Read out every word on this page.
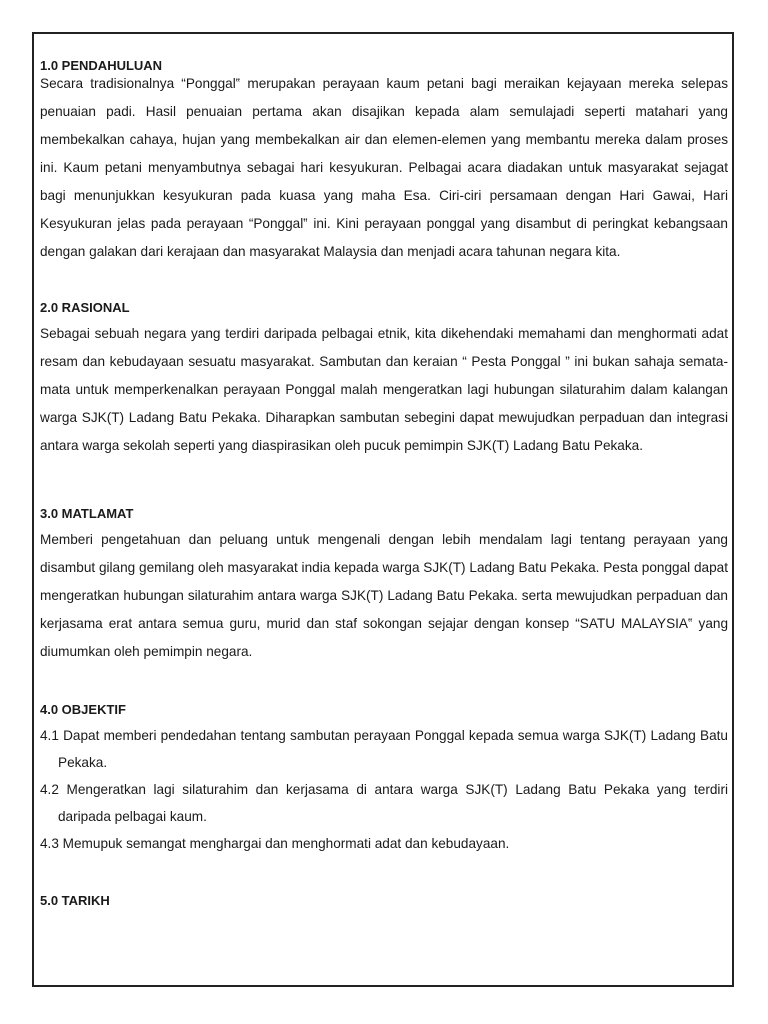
1.0 PENDAHULUAN

Secara tradisionalnya “Ponggal‟ merupakan perayaan kaum petani bagi meraikan kejayaan mereka selepas penuaian padi. Hasil penuaian pertama akan disajikan kepada alam semulajadi seperti matahari yang membekalkan cahaya, hujan yang membekalkan air dan elemen-elemen yang membantu mereka dalam proses ini. Kaum petani menyambutnya sebagai hari kesyukuran. Pelbagai acara diadakan untuk masyarakat sejagat bagi menunjukkan kesyukuran pada kuasa yang maha Esa. Ciri-ciri persamaan dengan Hari Gawai, Hari Kesyukuran jelas pada perayaan “Ponggal‟ ini. Kini perayaan ponggal yang disambut di peringkat kebangsaan dengan galakan dari kerajaan dan masyarakat Malaysia dan menjadi acara tahunan negara kita.

2.0 RASIONAL

Sebagai sebuah negara yang terdiri daripada pelbagai etnik, kita dikehendaki memahami dan menghormati adat resam dan kebudayaan sesuatu masyarakat. Sambutan dan keraian “ Pesta Ponggal ” ini bukan sahaja semata-mata untuk memperkenalkan perayaan Ponggal malah mengeratkan lagi hubungan silaturahim dalam kalangan warga SJK(T) Ladang Batu Pekaka. Diharapkan sambutan sebegini dapat mewujudkan perpaduan dan integrasi antara warga sekolah seperti yang diaspirasikan oleh pucuk pemimpin SJK(T) Ladang Batu Pekaka.

3.0 MATLAMAT

Memberi pengetahuan dan peluang untuk mengenali dengan lebih mendalam lagi tentang perayaan yang disambut gilang gemilang oleh masyarakat india kepada warga SJK(T) Ladang Batu Pekaka. Pesta ponggal dapat mengeratkan hubungan silaturahim antara warga SJK(T) Ladang Batu Pekaka. serta mewujudkan perpaduan dan kerjasama erat antara semua guru, murid dan staf sokongan sejajar dengan konsep “SATU MALAYSIA‟ yang diumumkan oleh pemimpin negara.

4.0 OBJEKTIF

4.1 Dapat memberi pendedahan tentang sambutan perayaan Ponggal kepada semua warga SJK(T) Ladang Batu Pekaka.

4.2 Mengeratkan lagi silaturahim dan kerjasama di antara warga SJK(T) Ladang Batu Pekaka yang terdiri daripada pelbagai kaum.

4.3 Memupuk semangat menghargai dan menghormati adat dan kebudayaan.

5.0 TARIKH
